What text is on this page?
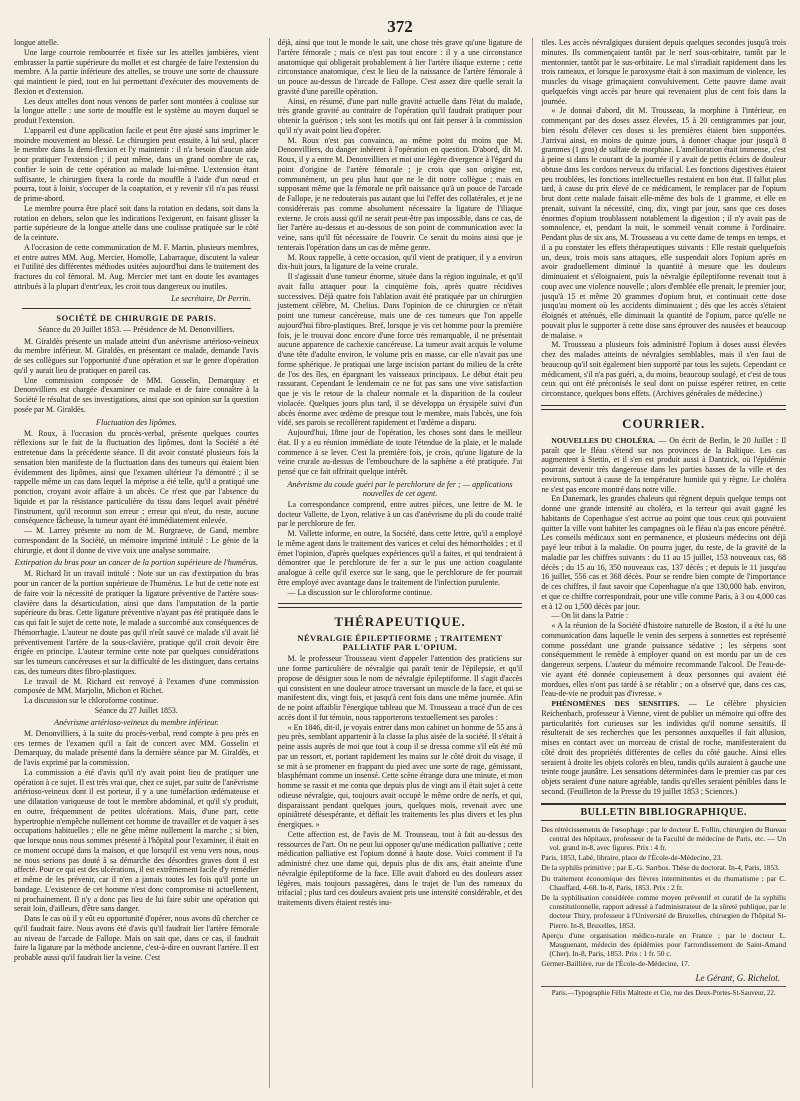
372

longue attelle.

Une large courroie rembourrée et fixée sur les attelles jambières, vient embrasser la partie supérieure du mollet et est chargée de faire l'extension du membre. A la partie inférieure des attelles, se trouve une sorte de chaussure qui maintient le pied, tout en lui permettant d'exécuter des mouvements de flexion et d'extension.

Les deux attelles dont nous venons de parler sont montées à coulisse sur la longue attelle : une sorte de mouffle est le système au moyen duquel se produit l'extension.

L'appareil est d'une application facile et peut être ajusté sans imprimer le moindre mouvement au blessé. Le chirurgien peut ensuite, à lui seul, placer le membre dans la demi-flexion et l'y maintenir : il n'a besoin d'aucun aide pour pratiquer l'extension ; il peut même, dans un grand nombre de cas, confier le soin de cette opération au malade lui-même. L'extension étant suffisante, le chirurgien fixera la corde du mouffle à l'aide d'un nœud et pourra, tout à loisir, s'occuper de la coaptation, et y revenir s'il n'a pas réussi de prime-abord.

Le membre pourra être placé soit dans la rotation en dedans, soit dans la rotation en dehors, selon que les indications l'exigeront, en faisant glisser la partie supérieure de la longue attelle dans une coulisse pratiquée sur le côté de la ceinture.

A l'occasion de cette communication de M. F. Martin, plusieurs membres, et entre autres MM. Aug. Mercier, Homolle, Labarraque, discutent la valeur et l'utilité des différentes méthodes usitées aujourd'hui dans le traitement des fractures du col fémoral. M. Aug. Mercier met tant en doute les avantages attribués à la plupart d'entr'eux, les croit tous dangereux ou inutiles.

Le secrétaire, Dr Perrin.
SOCIÉTÉ DE CHIRURGIE DE PARIS.
Séance du 20 Juillet 1853. — Présidence de M. Denonvilliers.

M. Giraldès présente un malade atteint d'un anévrisme artérioso-veineux du membre inférieur. M. Giraldès, en présentant ce malade, demande l'avis de ses collègues sur l'opportunité d'une opération et sur le genre d'opération qu'il y aurait lieu de pratiquer en pareil cas.

Une commission composée de MM. Gosselin, Demarquay et Denonvilliers est chargée d'examiner ce malade et de faire connaître à la Société le résultat de ses investigations, ainsi que son opinion sur la question posée par M. Giraldès.

Fluctuation des lipômes.

M. Roux, à l'occasion du procès-verbal, présente quelques courtes réflexions sur le fait de la fluctuation des lipômes, dont la Société a été entretenue dans la précédente séance. Il dit avoir constaté plusieurs fois la sensation bien manifeste de la fluctuation dans des tumeurs qui étaient bien évidemment des lipômes, ainsi que l'examen ultérieur l'a démontré ; il se rappelle même un cas dans lequel la méprise a été telle, qu'il a pratiqué une ponction, croyant avoir affaire à un abcès. Ce n'est que par l'absence du liquide et par la résistance particulière du tissu dans lequel avait pénétré l'instrument, qu'il reconnut son erreur ; erreur qui n'eut, du reste, aucune conséquence fâcheuse, la tumeur ayant été immédiatement enlevée.

— M. Larrey présente au nom de M. Burgraeve, de Gand, membre correspondant de la Société, un mémoire imprimé intitulé : Le génie de la chirurgie, et dont il donne de vive voix une analyse sommaire.

Extirpation du bras pour un cancer de la portion supérieure de l'humérus.

M. Richard lit un travail intitulé : Note sur un cas d'extirpation du bras pour un cancer de la portion supérieure de l'humérus. Le but de cette note est de faire voir la nécessité de pratiquer la ligature préventive de l'artère sous-clavière dans la désarticulation, ainsi que dans l'amputation de la partie supérieure du bras. Cette ligature préventive n'ayant pas été pratiquée dans le cas qui fait le sujet de cette note, le malade a succombé aux conséquences de l'hémorrhagie. L'auteur ne doute pas qu'il n'eût sauvé ce malade s'il avait lié préventivement l'artère de la sous-clavière, pratique qu'il croit devoir être érigée en principe. L'auteur termine cette note par quelques considérations sur les tumeurs cancéreuses et sur la difficulté de les distinguer, dans certains cas, des tumeurs dites fibro-plastiques.

Le travail de M. Richard est renvoyé à l'examen d'une commission composée de MM. Marjolin, Michon et Richet.

La discussion sur le chloroforme continue.

Séance du 27 Juillet 1853.
Anévrisme artérioso-veineux du membre inférieur.

M. Denonvilliers, à la suite du procès-verbal, rend compte à peu près en ces termes de l'examen qu'il a fait de concert avec MM. Gosselin et Demarquay, du malade présenté dans la dernière séance par M. Giraldès, et de l'avis exprimé par la commission.

La commission a été d'avis qu'il n'y avait point lieu de pratiquer une opération à ce sujet. Il est très vrai que, chez ce sujet, par suite de l'anévrisme artérioso-veineux dont il est porteur, il y a une tuméfaction œdémateuse et une dilatation variqueuse de tout le membre abdominal, et qu'il s'y produit, en outre, fréquemment de petites ulcérations. Mais, d'une part, cette hypertrophie n'empêche nullement cet homme de travailler et de vaquer à ses occupations habituelles ; elle ne gêne même nullement la marche ; si bien, que lorsque nous nous sommes présenté à l'hôpital pour l'examiner, il était en ce moment occupé dans la maison, et que lorsqu'il est venu vers nous, nous ne nous serions pas douté à sa démarche des désordres graves dont il est affecté. Pour ce qui est des ulcérations, il est extrêmement facile d'y remédier et même de les prévenir, car il n'en a jamais toutes les fois qu'il porte un bandage. L'existence de cet homme n'est donc compromise ni actuellement, ni prochainement. Il n'y a donc pas lieu de lui faire subir une opération qui serait loin, d'ailleurs, d'être sans danger.

Dans le cas où il y eût eu opportunité d'opérer, nous avons dû chercher ce qu'il faudrait faire. Nous avons été d'avis qu'il faudrait lier l'artère fémorale au niveau de l'arcade de Fallope. Mais on sait que, dans ce cas, il faudrait faire la ligature par la méthode ancienne, c'est-à-dire en ouvrant l'artère. Il est probable aussi qu'il faudrait lier la veine. C'est

déjà, ainsi que tout le monde le sait, une chose très grave qu'une ligature de l'artère fémorale ; mais ce n'est pas tout encore : il y a une circonstance anatomique qui obligerait probablement à lier l'artère iliaque externe ; cette circonstance anatomique, c'est le lieu de la naissance de l'artère fémorale à un pouce au-dessus de l'arcade de Fallope. C'est assez dire quelle serait la gravité d'une pareille opération.

Ainsi, en résumé, d'une part nulle gravité actuelle dans l'état du malade, très grande gravité au contraire de l'opération qu'il faudrait pratiquer pour obtenir la guérison ; tels sont les motifs qui ont fait penser à la commission qu'il n'y avait point lieu d'opérer.

M. Roux n'est pas convaincu, au même point du moins que M. Denonvilliers, du danger inhérent à l'opération en question. D'abord, dit M. Roux, il y a entre M. Denonvilliers et moi une légère divergence à l'égard du point d'origine de l'artère fémorale ; je crois que son origine est, communément, un peu plus haut que ne le dit notre collègue ; mais en supposant même que la fémorale ne prît naissance qu'à un pouce de l'arcade de Fallope, je ne redouterais pas autant que lui l'effet des collatérales, et je ne considérerais pas comme absolument nécessaire la ligature de l'iliaque externe. Je crois aussi qu'il ne serait peut-être pas impossible, dans ce cas, de lier l'artère au-dessus et au-dessous de son point de communication avec la veine, sans qu'il fût nécessaire de l'ouvrir. Ce serait du moins ainsi que je tenterais l'opération dans un cas de même genre.

M. Roux rappelle, à cette occasion, qu'il vient de pratiquer, il y a environ dix-huit jours, la ligature de la veine crurale.

Il s'agissait d'une tumeur énorme, située dans la région inguinale, et qu'il avait fallu attaquer pour la cinquième fois, après quatre récidives successives. Déjà quatre fois l'ablation avait été pratiquée par un chirurgien justement célèbre, M. Chelius. Dans l'opinion de ce chirurgien ce n'était point une tumeur cancéreuse, mais une de ces tumeurs que l'on appelle aujourd'hui fibro-plastiques. Bref, lorsque je vis cet homme pour la première fois, je le trouvai donc encore d'une force très remarquable, il ne présentait aucune apparence de cachexie cancéreuse. La tumeur avait acquis le volume d'une tête d'adulte environ, le volume pris en masse, car elle n'avait pas une forme sphérique. Je pratiquai une large incision partant du milieu de la crête de l'os des îles, en épargnant les vaisseaux principaux. Le début était peu rassurant. Cependant le lendemain ce ne fut pas sans une vive satisfaction que je vis le retour de la chaleur normale et la disparition de la couleur violacée. Quelques jours plus tard, il se développa un érysipèle suivi d'un abcès énorme avec œdème de presque tout le membre, mais l'abcès, une fois vidé, ses parois se recollèrent rapidement et l'œdème a disparu.

Aujourd'hui, 18me jour de l'opération, les choses sont dans le meilleur état. Il y a eu réunion immédiate de toute l'étendue de la plaie, et le malade commence à se lever. C'est la première fois, je crois, qu'une ligature de la veine crurale au-dessus de l'embouchure de la saphène a été pratiquée. J'ai pensé que ce fait offrirait quelque intérêt.

Anévrisme du coude guéri par le perchlorure de fer ; — applications nouvelles de cet agent.

La correspondance comprend, entre autres pièces, une lettre de M. le docteur Vallette, de Lyon, relative à un cas d'anévrisme du pli du coude traité par le perchlorure de fer.

M. Vallette informe, en outre, la Société, dans cette lettre, qu'il a employé le même agent dans le traitement des varices et celui des hémorrhoïdes ; et il émet l'opinion, d'après quelques expériences qu'il a faites, et qui tendraient à démontrer que le perchlorure de fer a sur le pus une action coagulante analogue à celle qu'il exerce sur le sang, que le perchlorure de fer pourrait être employé avec avantage dans le traitement de l'infection purulente.

— La discussion sur le chloroforme continue.

THÉRAPEUTIQUE.
NÉVRALGIE ÉPILEPTIFORME ; TRAITEMENT PALLIATIF PAR L'OPIUM.

M. le professeur Trousseau vient d'appeler l'attention des praticiens sur une forme particulière de névralgie qui paraît tenir de l'épilepsie, et qu'il propose de désigner sous le nom de névralgie épileptiforme. Il s'agit d'accès qui consistent en une douleur atroce traversant un muscle de la face, et qui se manifestent dix, vingt fois, et jusqu'à cent fois dans une même journée. Afin de ne point affaiblir l'énergique tableau que M. Trousseau a tracé d'un de ces accès dont il fut témoin, nous rapporterons textuellement ses paroles :

« En 1846, dit-il, je voyais entrer dans mon cabinet un homme de 55 ans à peu près, semblant appartenir à la classe la plus aisée de la société. Il s'était à peine assis auprès de moi que tout à coup il se dressa comme s'il eût été mû par un ressort, et, portant rapidement les mains sur le côté droit du visage, il se mit à se promener en frappant du pied avec une sorte de rage, gémissant, blasphémant comme un insensé. Cette scène étrange dura une minute, et mon homme se rassit et me conta que depuis plus de vingt ans il était sujet à cette odieuse névralgie, qui, toujours avait occupé le même ordre de nerfs, et qui, disparaissant pendant quelques jours, quelques mois, revenait avec une opiniâtreté désespérante, et défiait les traitements les plus divers et les plus énergiques. »

Cette affection est, de l'avis de M. Trousseau, tout à fait au-dessus des ressources de l'art. On ne peut lui opposer qu'une médication palliative ; cette médication palliative est l'opium donné à haute dose. Voici comment il l'a administré chez une dame qui, depuis plus de dix ans, était atteinte d'une névralgie épileptiforme de la face. Elle avait d'abord eu des douleurs assez légères, mais toujours passagères, dans le trajet de l'un des rameaux du trifacial ; plus tard ces douleurs avaient pris une intensité considérable, et des traitements divers étaient restés inu-

tiles. Les accès névralgiques duraient depuis quelques secondes jusqu'à trois minutes. Ils commençaient tantôt par le nerf sous-orbitaire, tantôt par le mentonnier, tantôt par le sus-orbitaire. Le mal s'irradiait rapidement dans les trois rameaux, et lorsque le paroxysme était à son maximum de violence, les muscles du visage grimaçaient convulsivement. Cette pauvre dame avait quelquefois vingt accès par heure qui revenaient plus de cent fois dans la journée.

« Je donnai d'abord, dit M. Trousseau, la morphine à l'intérieur, en commençant par des doses assez élevées, 15 à 20 centigrammes par jour, bien résolu d'élever ces doses si les premières étaient bien supportées. J'arrivai ainsi, en moins de quinze jours, à donner chaque jour jusqu'à 8 grammes (1 gros) de sulfate de morphine. L'amélioration était immense, c'est à peine si dans le courant de la journée il y avait de petits éclairs de douleur obtuse dans les cordons nerveux du trifacial. Les fonctions digestives étaient peu troublées, les fonctions intellectuelles restaient en bon état. Il fallut plus tard, à cause du prix élevé de ce médicament, le remplacer par de l'opium brut dont cette malade faisait elle-même des bols de 1 gramme, et elle en prenait, suivant la nécessité, cinq, dix, vingt par jour, sans que ces doses énormes d'opium troublassent notablement la digestion ; il n'y avait pas de somnolence, et, pendant la nuit, le sommeil venait comme à l'ordinaire. Pendant plus de six ans, M. Trousseau a vu cette dame de temps en temps, et il a pu constater les effets thérapeutiques suivants : Elle restait quelquefois un, deux, trois mois sans attaques, elle suspendait alors l'opium après en avoir graduellement diminué la quantité à mesure que les douleurs diminuaient et s'éloignaient, puis la névralgie épileptiforme revenait tout à coup avec une violence nouvelle ; alors d'emblée elle prenait, le premier jour, jusqu'à 15 et même 20 grammes d'opium brut, et continuait cette dose jusqu'au moment où les accidents diminuaient ; dès que les accès s'étaient éloignés et atténués, elle diminuait la quantité de l'opium, parce qu'elle ne pouvait plus le supporter à cette dose sans éprouver des nausées et beaucoup de malaise. »

M. Trousseau a plusieurs fois administré l'opium à doses aussi élevées chez des malades atteints de névralgies semblables, mais il s'en faut de beaucoup qu'il soit également bien supporté par tous les sujets. Cependant ce médicament, s'il n'a pas guéri, a, du moins, beaucoup soulagé, et c'est de tous ceux qui ont été préconisés le seul dont on puisse espérer retirer, en cette circonstance, quelques bons effets. (Archives générales de médecine.)

COURRIER.

NOUVELLES DU CHOLÉRA. — On écrit de Berlin, le 20 Juillet : Il paraît que le fléau s'étend sur nos provinces de la Baltique. Les cas augmentent à Stettin, et il s'en est produit aussi à Dantzick, où l'épidémie pourrait devenir très dangereuse dans les parties basses de la ville et des environs, surtout à cause de la température humide qui y règne. Le choléra ne s'est pas encore montré dans notre ville.

En Danemark, les grandes chaleurs qui règnent depuis quelque temps ont donné une grande intensité au choléra, et la terreur qui avait gagné les habitants de Copenhague s'est accrue au point que tous ceux qui pouvaient quitter la ville vont habiter les campagnes où le fléau n'a pas encore pénétré. Les conseils médicaux sont en permanence, et plusieurs médecins ont déjà payé leur tribut à la maladie. On pourra juger, du reste, de la gravité de la maladie par les chiffres suivants : du 11 au 15 juillet, 153 nouveaux cas, 68 décès ; du 15 au 16, 350 nouveaux cas, 137 décès ; et depuis le 11 jusqu'au 16 juillet, 556 cas et 368 décès. Pour se rendre bien compte de l'importance de ces chiffres, il faut savoir que Copenhague n'a que 130,000 hab. environ, et que ce chiffre correspondrait, pour une ville comme Paris, à 3 ou 4,000 cas et à 12 ou 1,500 décès par jour.

— On lit dans la Patrie :

« A la réunion de la Société d'histoire naturelle de Boston, il a été lu une communication dans laquelle le venin des serpens à sonnettes est représenté comme possédant une grande puissance sédative ; les sérpens sont conséquemment le remède à employer quand on est mordu par un de ces dangereux serpens. L'auteur du mémoire recommande l'alcool. De l'eau-de-vie ayant été donnée copieusement à deux personnes qui avaient été mordues, elles n'ont pas tardé à se rétablir ; on a observé que, dans ces cas, l'eau-de-vie ne produit pas d'ivresse. »

PHÉNOMÈNES DES SENSITIFS. — Le célèbre physicien Reichenbach, professeur à Vienne, vient de publier un mémoire qui offre des particularités fort curieuses sur les individus qu'il nomme sensitifs. Il résulterait de ses recherches que les personnes auxquelles il fait allusion, mises en contact avec un morceau de cristal de roche, manifesteraient du côté droit des propriétés différentes de celles du côté gauche. Ainsi elles seraient à droite les objets colorés en bleu, tandis qu'ils auraient à gauche une teinte rouge jaunâtre. Les sensations déterminées dans le premier cas par ces objets seraient d'une nature agréable, tandis qu'elles seraient pénibles dans le second. (Feuilleton de la Presse du 19 juillet 1853 ; Sciences.)

BULLETIN BIBLIOGRAPHIQUE.

Des rétrécissements de l'œsophage ; par le docteur E. Follin, chirurgien du Bureau central des hôpitaux, professeur de la Faculté de médecine de Paris, etc. — Un vol. grand in-8, avec figures. Prix : 4 fr.

Paris, 1853, Labé, libraire, place de l'École-de-Médecine, 23.

De la syphilis primitive ; par E.-G. Sarrhos. Thèse du doctorat. In-4, Paris, 1853.

Du traitement économique des fièvres intermittentes et du rhumatisme ; par C. Chauffard, 4-68. In-8, Paris, 1853. Prix : 2 fr.

De la syphilisation considérée comme moyen préventif et curatif de la syphilis constitutionnelle, rapport adressé à l'administrateur de la sûreté publique, par le docteur Thiry, professeur à l'Université de Bruxelles, chirurgien de l'hôpital St-Pierre. In-8, Bruxelles, 1853.

Aperçu d'une organisation médico-rurale en France ; par le docteur L. Mauguenant, médecin des épidémies pour l'arrondissement de Saint-Amand (Cher). In-8, Paris, 1853. Prix : 1 fr. 50 c.

Germer-Baillière, rue de l'École-de-Médecine, 17.

Le Gérant, G. Richelot.
Paris.—Typographie Félix Malteste et Cie, rue des Deux-Portes-St-Sauveur, 22.
